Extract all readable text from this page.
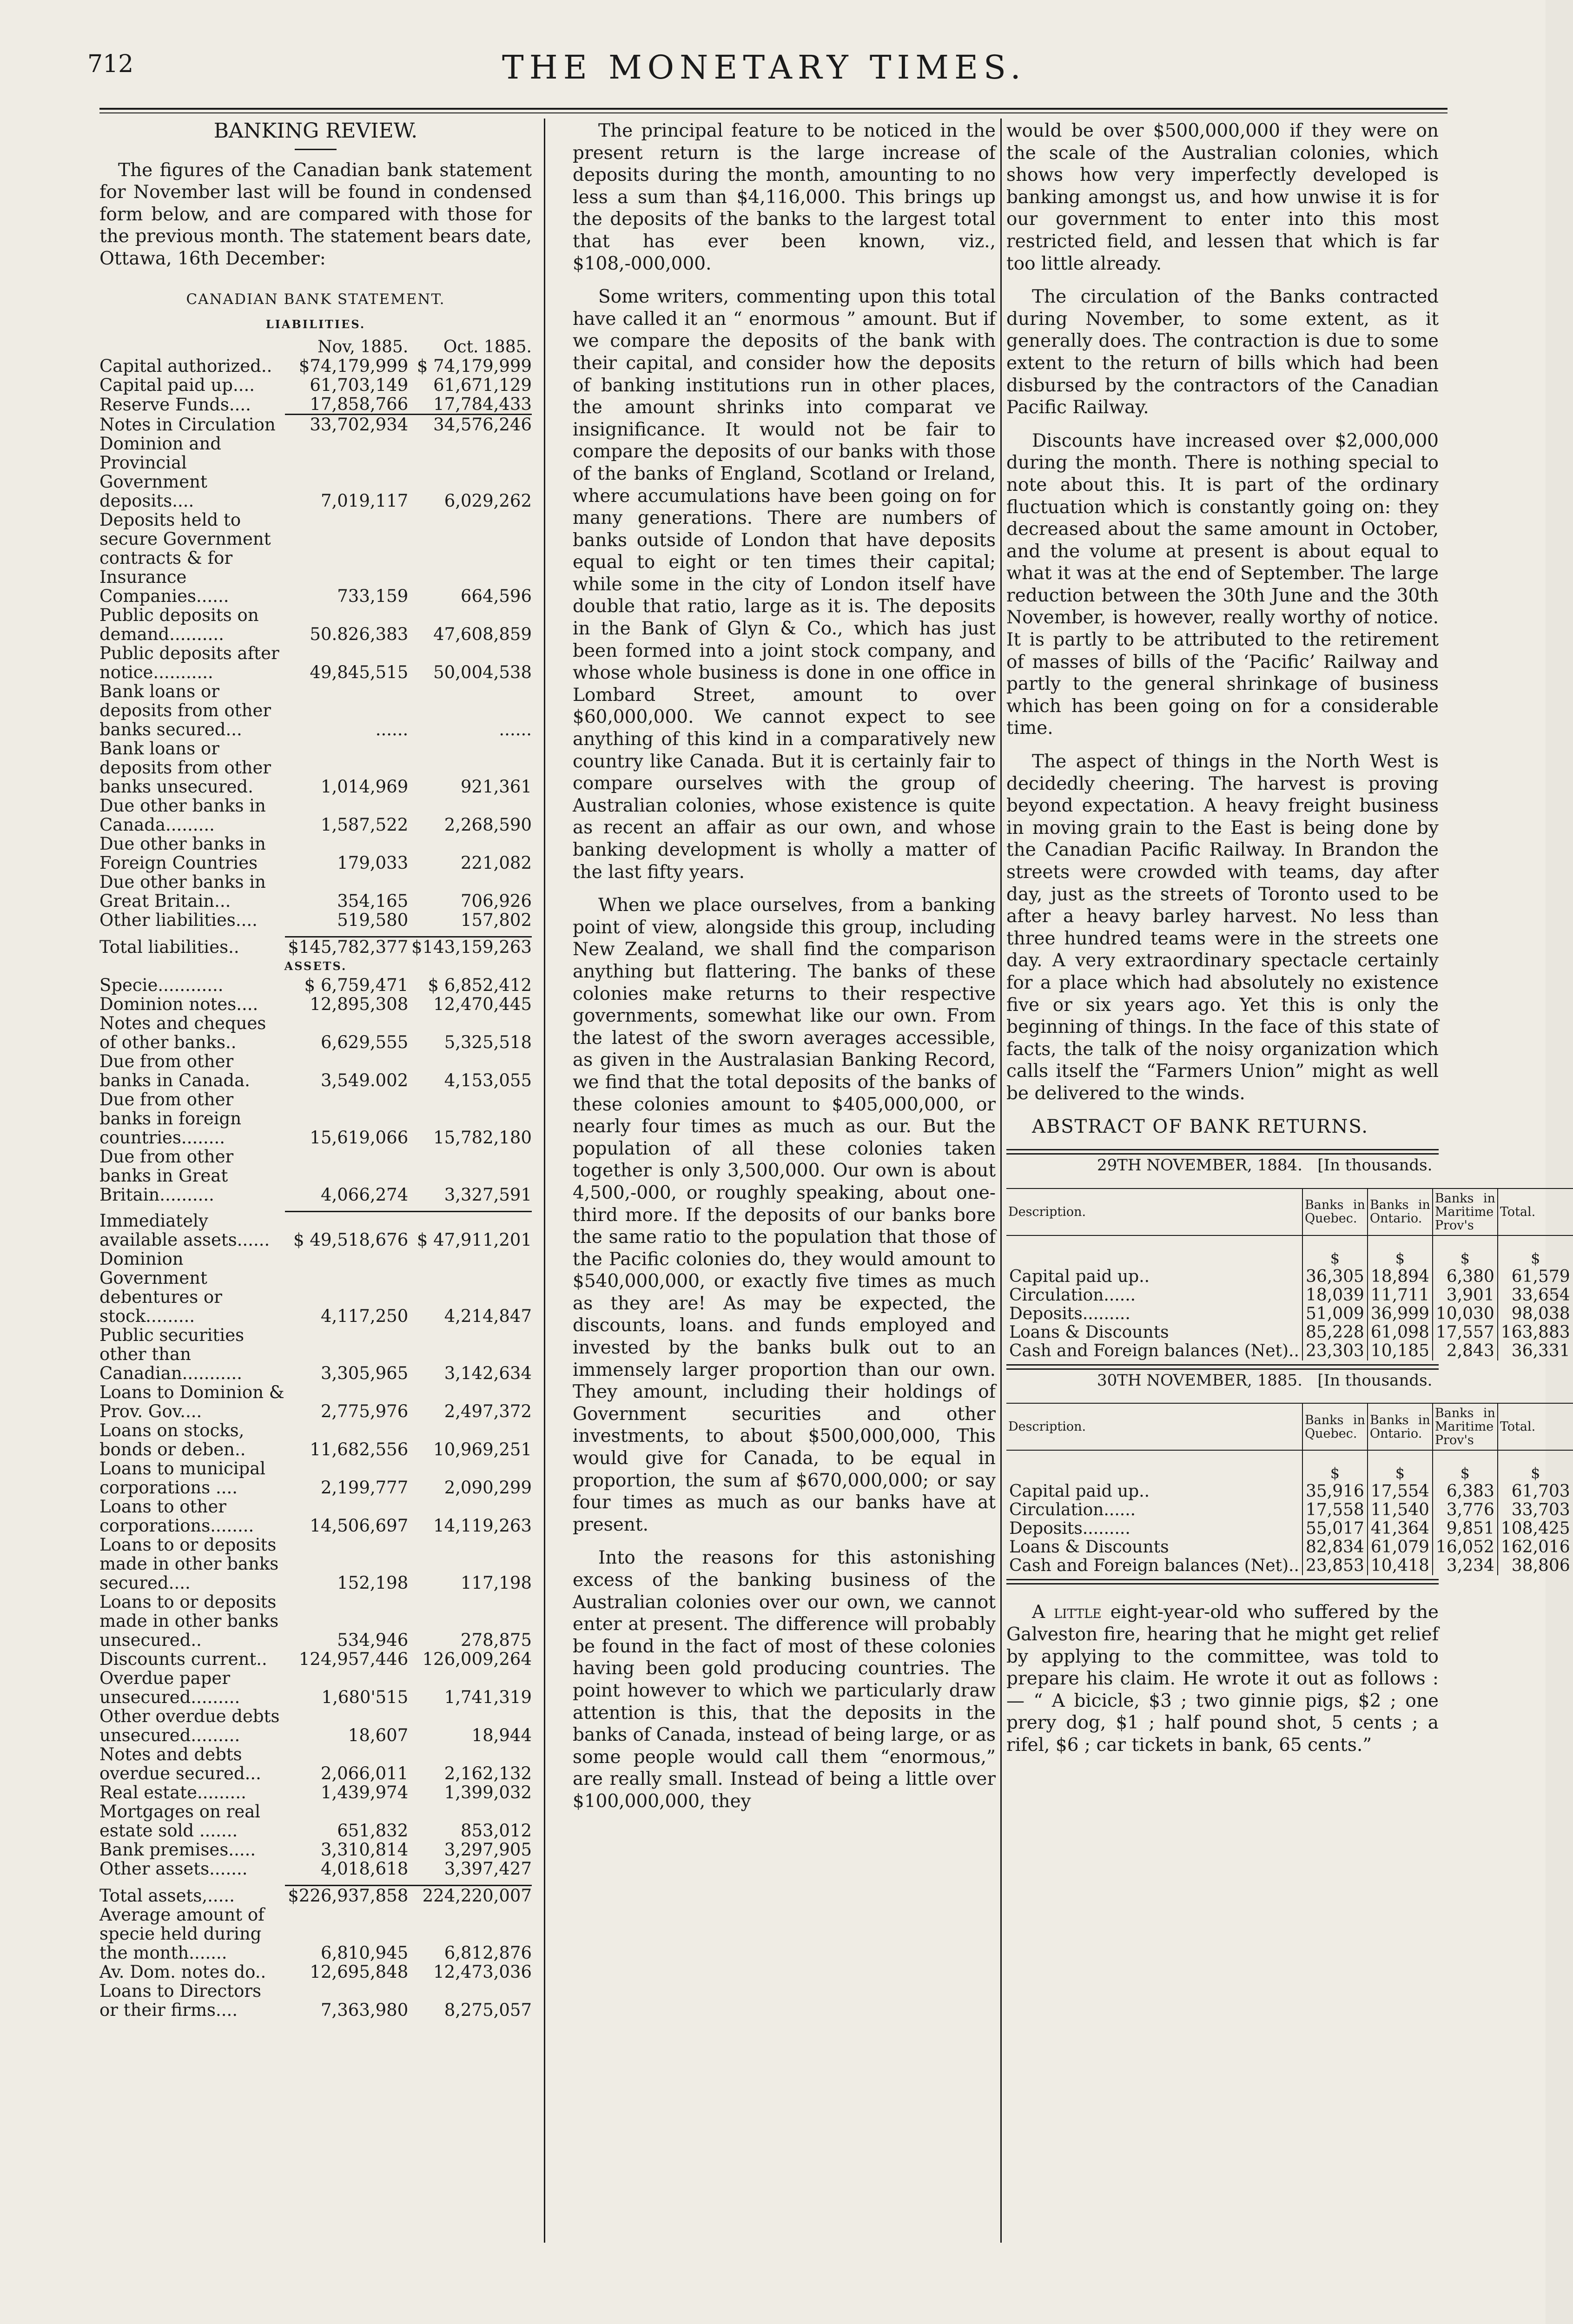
712	THE MONETARY TIMES.
BANKING REVIEW.

The figures of the Canadian bank statement for November last will be found in condensed form below, and are compared with those for the previous month. The statement bears date, Ottawa, 16th December:

CANADIAN BANK STATEMENT.
LIABILITIES.
	Nov, 1885.	Oct. 1885.
Capital authorized..	$74,179,999	$ 74,179,999
Capital paid up....	61,703,149	61,671,129
Reserve Funds....	17,858,766	17,784,433
Notes in Circulation	33,702,934	34,576,246
Dominion and Provincial Government deposits....	7,019,117	6,029,262
Deposits held to secure Government contracts & for Insurance Companies......	733,159	664,596
Public deposits on demand..........	50.826,383	47,608,859
Public deposits after notice...........	49,845,515	50,004,538
Bank loans or deposits from other banks secured...	......	......
Bank loans or deposits from other banks unsecured.	1,014,969	921,361
Due other banks in Canada.........	1,587,522	2,268,590
Due other banks in Foreign Countries	179,033	221,082
Due other banks in Great Britain...	354,165	706,926
Other liabilities....	519,580	157,802

Total liabilities..	$145,782,377	$143,159,263
ASSETS.		
Specie............	$ 6,759,471	$ 6,852,412
Dominion notes....	12,895,308	12,470,445
Notes and cheques of other banks..	6,629,555	5,325,518
Due from other banks in Canada.	3,549.002	4,153,055
Due from other banks in foreign countries........	15,619,066	15,782,180
Due from other banks in Great Britain..........	4,066,274	3,327,591

Immediately available assets......	$ 49,518,676	$ 47,911,201
Dominion Government debentures or stock.........	4,117,250	4,214,847
Public securities other than Canadian...........	3,305,965	3,142,634
Loans to Dominion & Prov. Gov....	2,775,976	2,497,372
Loans on stocks, bonds or deben..	11,682,556	10,969,251
Loans to municipal corporations ....	2,199,777	2,090,299
Loans to other corporations........	14,506,697	14,119,263
Loans to or deposits made in other banks secured....	152,198	117,198
Loans to or deposits made in other banks unsecured..	534,946	278,875
Discounts current..	124,957,446	126,009,264
Overdue paper unsecured.........	1,680'515	1,741,319
Other overdue debts unsecured.........	18,607	18,944
Notes and debts overdue secured...	2,066,011	2,162,132
Real estate.........	1,439,974	1,399,032
Mortgages on real estate sold .......	651,832	853,012
Bank premises.....	3,310,814	3,297,905
Other assets.......	4,018,618	3,397,427

Total assets,.....	$226,937,858	224,220,007
Average amount of specie held during the month.......	6,810,945	6,812,876
Av. Dom. notes do..	12,695,848	12,473,036
Loans to Directors or their firms....	7,363,980	8,275,057

The principal feature to be noticed in the present return is the large increase of deposits during the month, amounting to no less a sum than $4,116,000. This brings up the deposits of the banks to the largest total that has ever been known, viz., $108,-000,000.

Some writers, commenting upon this total have called it an “ enormous ” amount. But if we compare the deposits of the bank with their capital, and consider how the deposits of banking institutions run in other places, the amount shrinks into comparat ve insignificance. It would not be fair to compare the deposits of our banks with those of the banks of England, Scotland or Ireland, where accumulations have been going on for many generations. There are numbers of banks outside of London that have deposits equal to eight or ten times their capital; while some in the city of London itself have double that ratio, large as it is. The deposits in the Bank of Glyn & Co., which has just been formed into a joint stock company, and whose whole business is done in one office in Lombard Street, amount to over $60,000,000. We cannot expect to see anything of this kind in a comparatively new country like Canada. But it is certainly fair to compare ourselves with the group of Australian colonies, whose existence is quite as recent an affair as our own, and whose banking development is wholly a matter of the last fifty years.

When we place ourselves, from a banking point of view, alongside this group, including New Zealand, we shall find the comparison anything but flattering. The banks of these colonies make returns to their respective governments, somewhat like our own. From the latest of the sworn averages accessible, as given in the Australasian Banking Record, we find that the total deposits of the banks of these colonies amount to $405,000,000, or nearly four times as much as our. But the population of all these colonies taken together is only 3,500,000. Our own is about 4,500,-000, or roughly speaking, about one-third more. If the deposits of our banks bore the same ratio to the population that those of the Pacific colonies do, they would amount to $540,000,000, or exactly five times as much as they are! As may be expected, the discounts, loans. and funds employed and invested by the banks bulk out to an immensely larger proportion than our own. They amount, including their holdings of Government securities and other investments, to about $500,000,000, This would give for Canada, to be equal in proportion, the sum af $670,000,000; or say four times as much as our banks have at present.

Into the reasons for this astonishing excess of the banking business of the Australian colonies over our own, we cannot enter at present. The difference will probably be found in the fact of most of these colonies having been gold producing countries. The point however to which we particularly draw attention is this, that the deposits in the banks of Canada, instead of being large, or as some people would call them “enormous,” are really small. Instead of being a little over $100,000,000, they

would be over $500,000,000 if they were on the scale of the Australian colonies, which shows how very imperfectly developed is banking amongst us, and how unwise it is for our government to enter into this most restricted field, and lessen that which is far too little already.

The circulation of the Banks contracted during November, to some extent, as it generally does. The contraction is due to some extent to the return of bills which had been disbursed by the contractors of the Canadian Pacific Railway.

Discounts have increased over $2,000,000 during the month. There is nothing special to note about this. It is part of the ordinary fluctuation which is constantly going on: they decreased about the same amount in October, and the volume at present is about equal to what it was at the end of September. The large reduction between the 30th June and the 30th November, is however, really worthy of notice. It is partly to be attributed to the retirement of masses of bills of the ‘Pacific’ Railway and partly to the general shrinkage of business which has been going on for a considerable time.

The aspect of things in the North West is decidedly cheering. The harvest is proving beyond expectation. A heavy freight business in moving grain to the East is being done by the Canadian Pacific Railway. In Brandon the streets were crowded with teams, day after day, just as the streets of Toronto used to be after a heavy barley harvest. No less than three hundred teams were in the streets one day. A very extraordinary spectacle certainly for a place which had absolutely no existence five or six years ago. Yet this is only the beginning of things. In the face of this state of facts, the talk of the noisy organization which calls itself the “Farmers Union” might as well be delivered to the winds.

ABSTRACT OF BANK RETURNS.

29TH NOVEMBER, 1884. [In thousands.

Description.	Banks in Quebec.	Banks in Ontario.	Banks in Maritime Prov's	Total.
	$	$	$	$
Capital paid up..	36,305	18,894	6,380	61,579
Circulation......	18,039	11,711	3,901	33,654
Deposits.........	51,009	36,999	10,030	98,038
Loans & Discounts	85,228	61,098	17,557	163,883
Cash and Foreign balances (Net)..	23,303	10,185	2,843	36,331

30TH NOVEMBER, 1885. [In thousands.

Description.	Banks in Quebec.	Banks in Ontario.	Banks in Maritime Prov's	Total.
	$	$	$	$
Capital paid up..	35,916	17,554	6,383	61,703
Circulation......	17,558	11,540	3,776	33,703
Deposits.........	55,017	41,364	9,851	108,425
Loans & Discounts	82,834	61,079	16,052	162,016
Cash and Foreign balances (Net)..	23,853	10,418	3,234	38,806

A little eight-year-old who suffered by the Galveston fire, hearing that he might get relief by applying to the committee, was told to prepare his claim. He wrote it out as follows :— “ A bicicle, $3 ; two ginnie pigs, $2 ; one prery dog, $1 ; half pound shot, 5 cents ; a rifel, $6 ; car tickets in bank, 65 cents.”
